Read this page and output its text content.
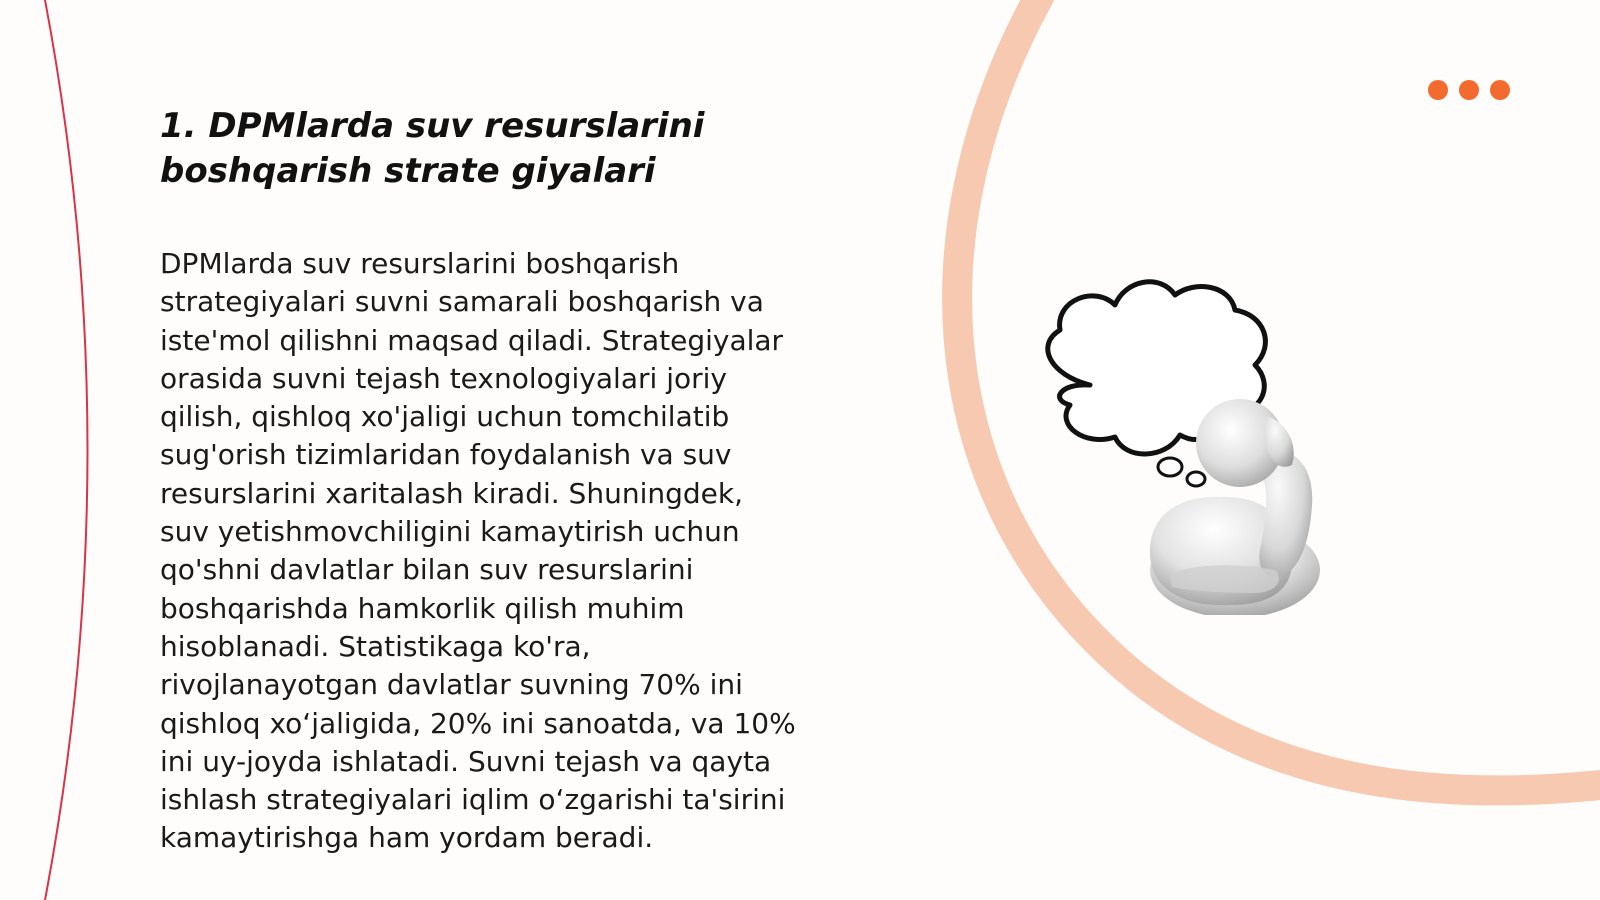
1. DPMlarda suv resurslarini
boshqarish strate giyalari
DPMlarda suv resurslarini boshqarish
strategiyalari suvni samarali boshqarish va
iste'mol qilishni maqsad qiladi. Strategiyalar
orasida suvni tejash texnologiyalari joriy
qilish, qishloq xo'jaligi uchun tomchilatib
sug'orish tizimlaridan foydalanish va suv
resurslarini xaritalash kiradi. Shuningdek,
suv yetishmovchiligini kamaytirish uchun
qo'shni davlatlar bilan suv resurslarini
boshqarishda hamkorlik qilish muhim
hisoblanadi. Statistikaga ko'ra,
rivojlanayotgan davlatlar suvning 70% ini
qishloq xo‘jaligida, 20% ini sanoatda, va 10%
ini uy-joyda ishlatadi. Suvni tejash va qayta
ishlash strategiyalari iqlim o‘zgarishi ta'sirini
kamaytirishga ham yordam beradi.
